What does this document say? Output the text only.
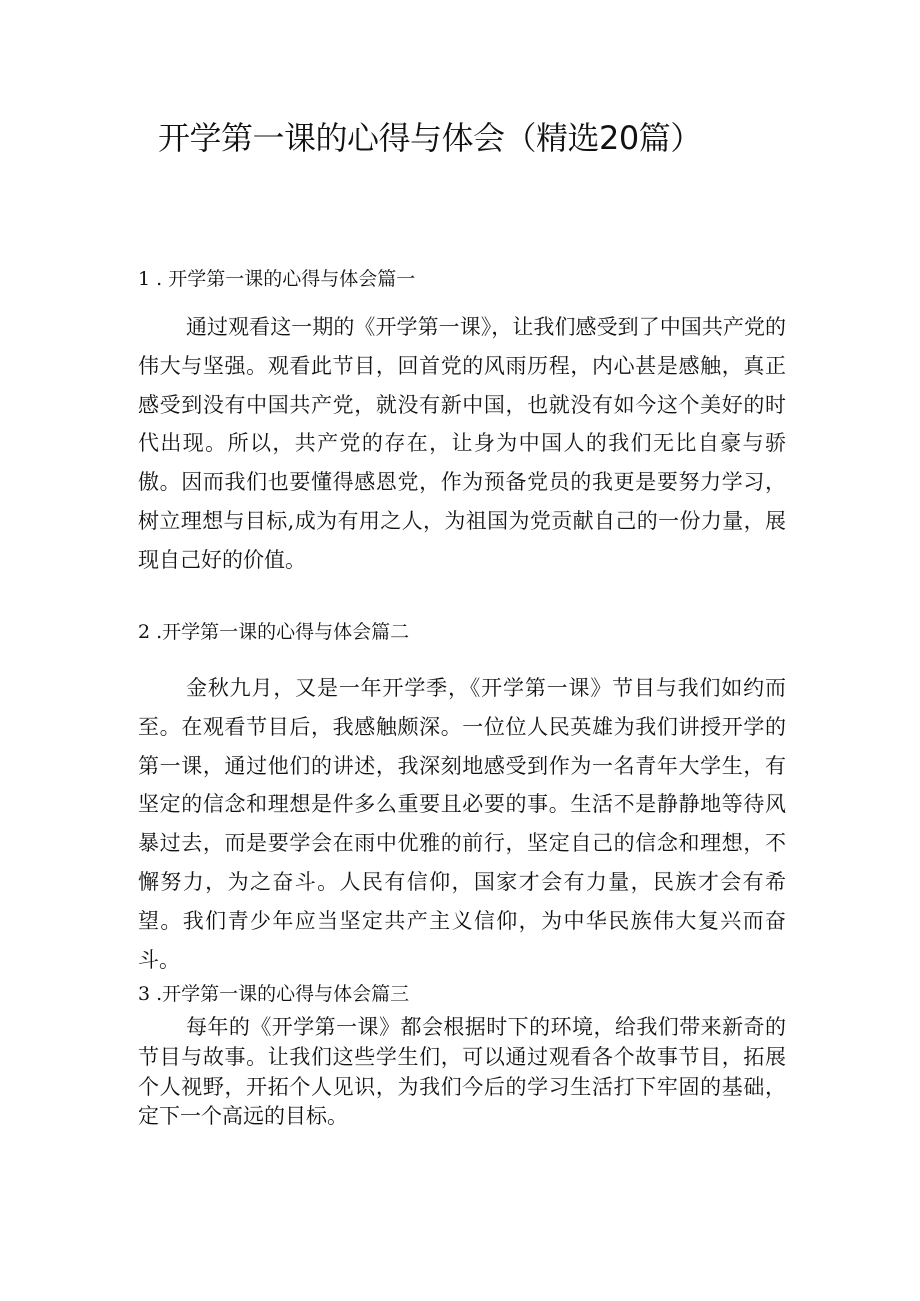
开学第一课的心得与体会（精选20篇）
1 . 开学第一课的心得与体会篇一

通过观看这一期的《开学第一课》，让我们感受到了中国共产党的伟大与坚强。观看此节目，回首党的风雨历程，内心甚是感触，真正感受到没有中国共产党，就没有新中国，也就没有如今这个美好的时代出现。所以，共产党的存在，让身为中国人的我们无比自豪与骄傲。因而我们也要懂得感恩党，作为预备党员的我更是要努力学习，树立理想与目标,成为有用之人，为祖国为党贡献自己的一份力量，展现自己好的价值。

2 .开学第一课的心得与体会篇二

金秋九月，又是一年开学季，《开学第一课》节目与我们如约而至。在观看节目后，我感触颇深。一位位人民英雄为我们讲授开学的第一课，通过他们的讲述，我深刻地感受到作为一名青年大学生，有坚定的信念和理想是件多么重要且必要的事。生活不是静静地等待风暴过去，而是要学会在雨中优雅的前行，坚定自己的信念和理想，不懈努力，为之奋斗。人民有信仰，国家才会有力量，民族才会有希望。我们青少年应当坚定共产主义信仰，为中华民族伟大复兴而奋斗。

3 .开学第一课的心得与体会篇三

每年的《开学第一课》都会根据时下的环境，给我们带来新奇的节目与故事。让我们这些学生们，可以通过观看各个故事节目，拓展个人视野，开拓个人见识，为我们今后的学习生活打下牢固的基础，定下一个高远的目标。
